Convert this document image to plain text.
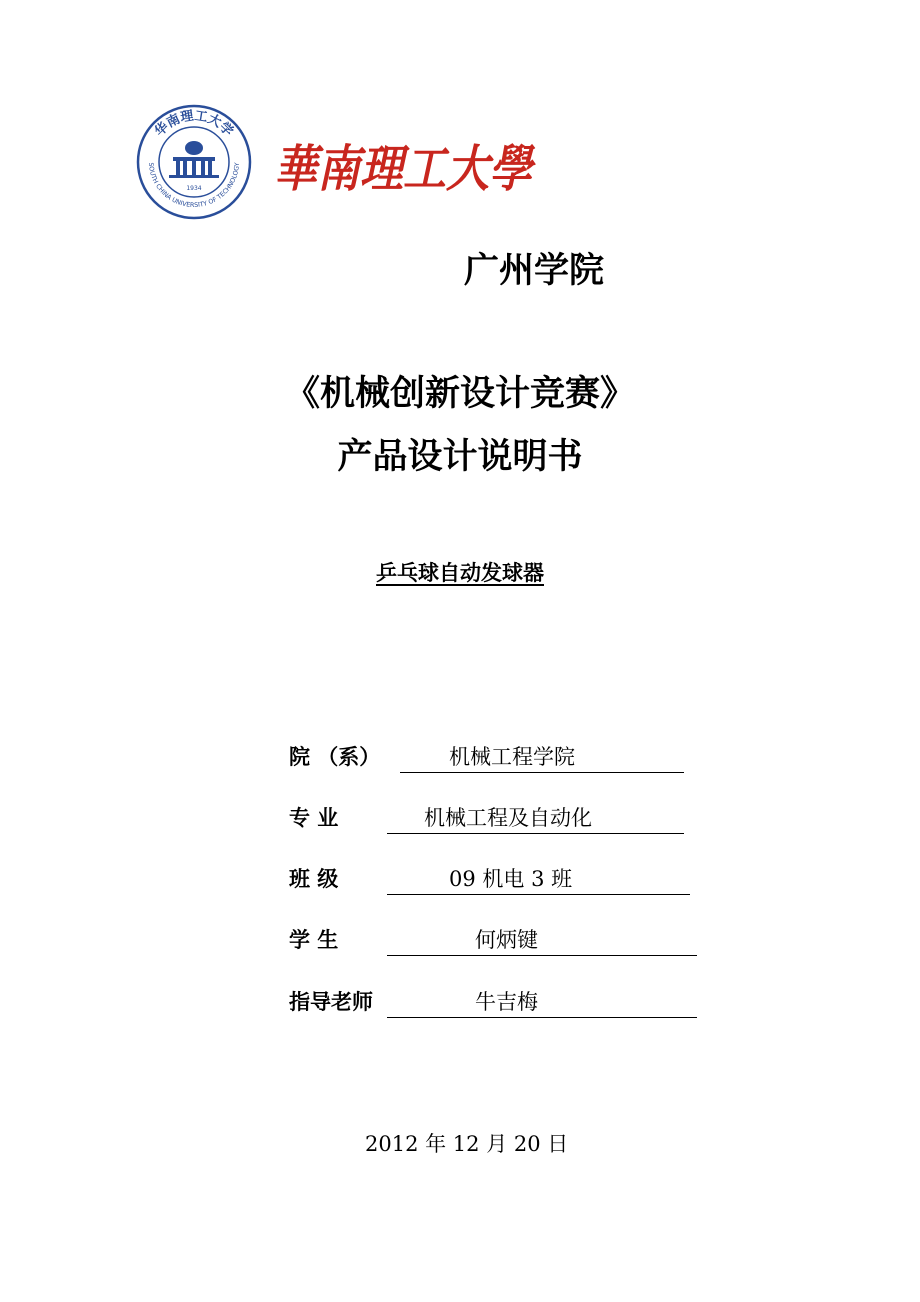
华南理工大学
SOUTH CHINA UNIVERSITY OF TECHNOLOGY
1934 華南理工大學
广州学院
《机械创新设计竞赛》
产品设计说明书
乒乓球自动发球器
院 （系）	机械工程学院
专 业	机械工程及自动化
班 级	09 机电 3 班
学 生	何炳键
指导老师	牛吉梅
2012 年 12 月 20 日
